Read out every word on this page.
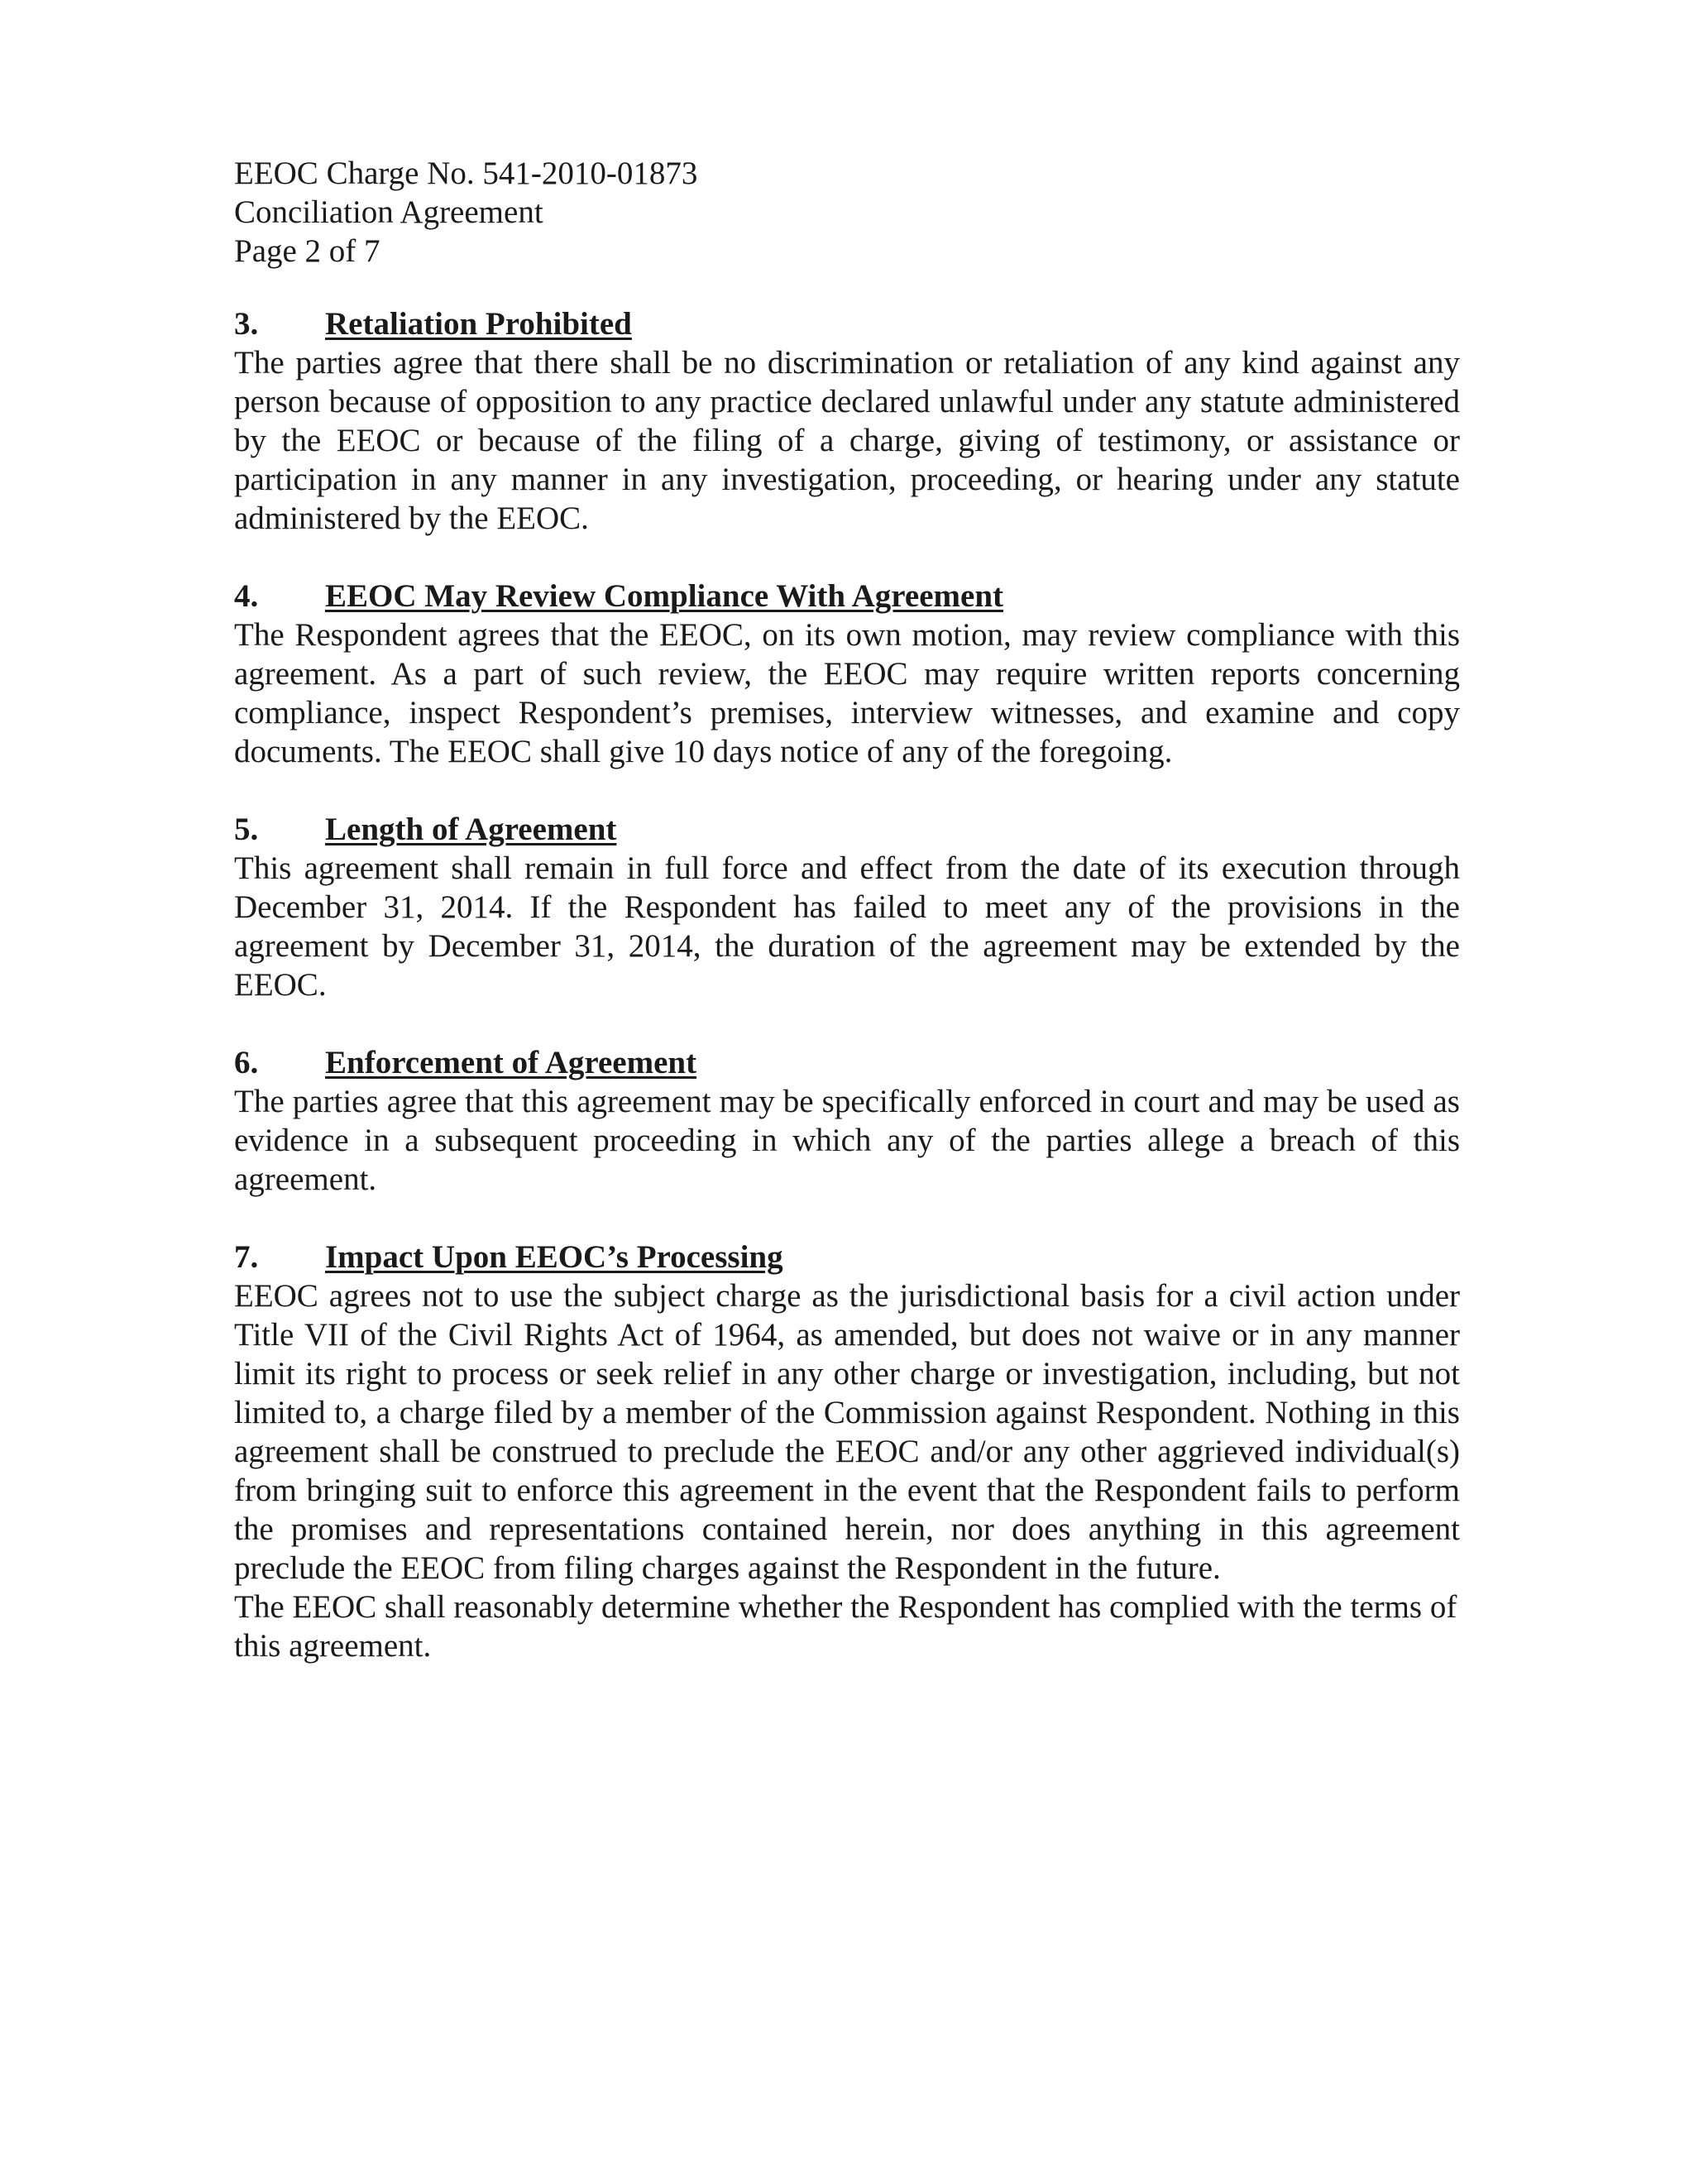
EEOC Charge No. 541-2010-01873

Conciliation Agreement

Page 2 of 7

3.	Retaliation Prohibited

The parties agree that there shall be no discrimination or retaliation of any kind against any person because of opposition to any practice declared unlawful under any statute administered by the EEOC or because of the filing of a charge, giving of testimony, or assistance or participation in any manner in any investigation, proceeding, or hearing under any statute administered by the EEOC.

4.	EEOC May Review Compliance With Agreement

The Respondent agrees that the EEOC, on its own motion, may review compliance with this agreement. As a part of such review, the EEOC may require written reports concerning compliance, inspect Respondent’s premises, interview witnesses, and examine and copy documents. The EEOC shall give 10 days notice of any of the foregoing.

5.	Length of Agreement

This agreement shall remain in full force and effect from the date of its execution through December 31, 2014. If the Respondent has failed to meet any of the provisions in the agreement by December 31, 2014, the duration of the agreement may be extended by the EEOC.

6.	Enforcement of Agreement

The parties agree that this agreement may be specifically enforced in court and may be used as evidence in a subsequent proceeding in which any of the parties allege a breach of this agreement.

7.	Impact Upon EEOC’s Processing

EEOC agrees not to use the subject charge as the jurisdictional basis for a civil action under Title VII of the Civil Rights Act of 1964, as amended, but does not waive or in any manner limit its right to process or seek relief in any other charge or investigation, including, but not limited to, a charge filed by a member of the Commission against Respondent. Nothing in this agreement shall be construed to preclude the EEOC and/or any other aggrieved individual(s) from bringing suit to enforce this agreement in the event that the Respondent fails to perform the promises and representations contained herein, nor does anything in this agreement preclude the EEOC from filing charges against the Respondent in the future.

The EEOC shall reasonably determine whether the Respondent has complied with the terms of this agreement.
